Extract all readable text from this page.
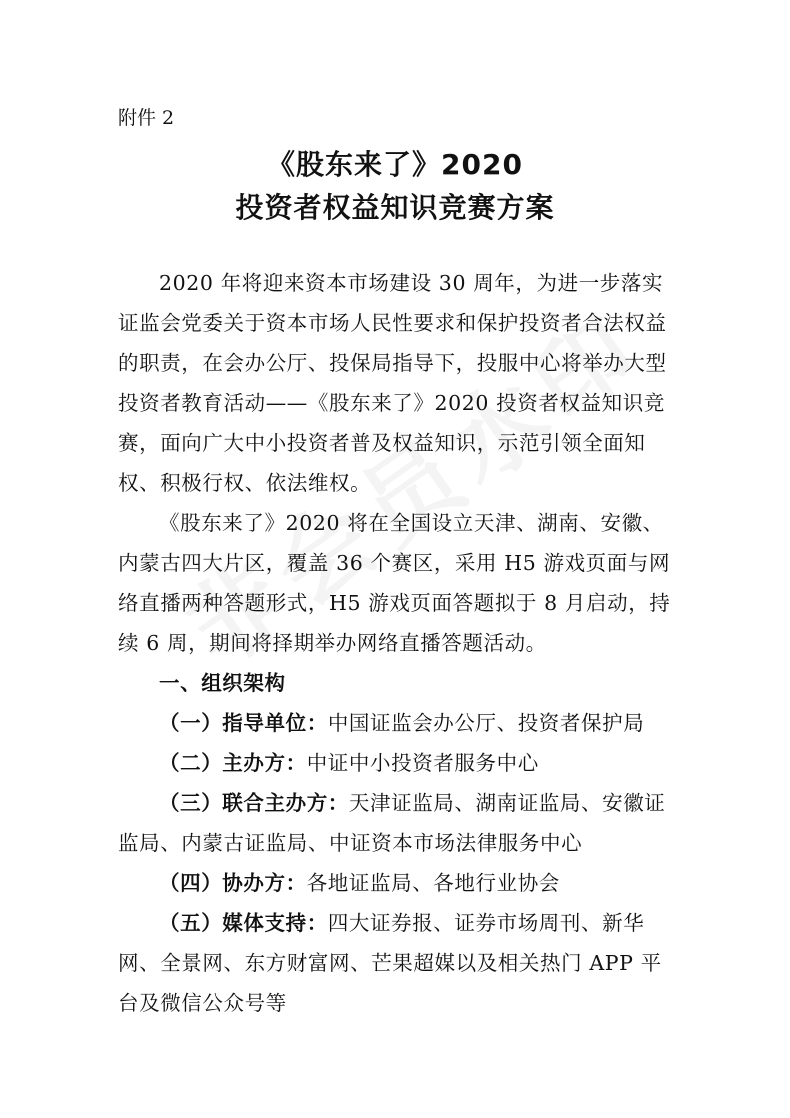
附件 2
《股东来了》2020
投资者权益知识竞赛方案

2020 年将迎来资本市场建设 30 周年，为进一步落实证监会党委关于资本市场人民性要求和保护投资者合法权益的职责，在会办公厅、投保局指导下，投服中心将举办大型投资者教育活动——《股东来了》2020 投资者权益知识竞赛，面向广大中小投资者普及权益知识，示范引领全面知权、积极行权、依法维权。

《股东来了》2020 将在全国设立天津、湖南、安徽、内蒙古四大片区，覆盖 36 个赛区，采用 H5 游戏页面与网络直播两种答题形式，H5 游戏页面答题拟于 8 月启动，持续 6 周，期间将择期举办网络直播答题活动。

一、组织架构
（一）指导单位：中国证监会办公厅、投资者保护局
（二）主办方：中证中小投资者服务中心
（三）联合主办方：天津证监局、湖南证监局、安徽证监局、内蒙古证监局、中证资本市场法律服务中心
（四）协办方：各地证监局、各地行业协会
（五）媒体支持：四大证券报、证券市场周刊、新华网、全景网、东方财富网、芒果超媒以及相关热门 APP 平台及微信公众号等
